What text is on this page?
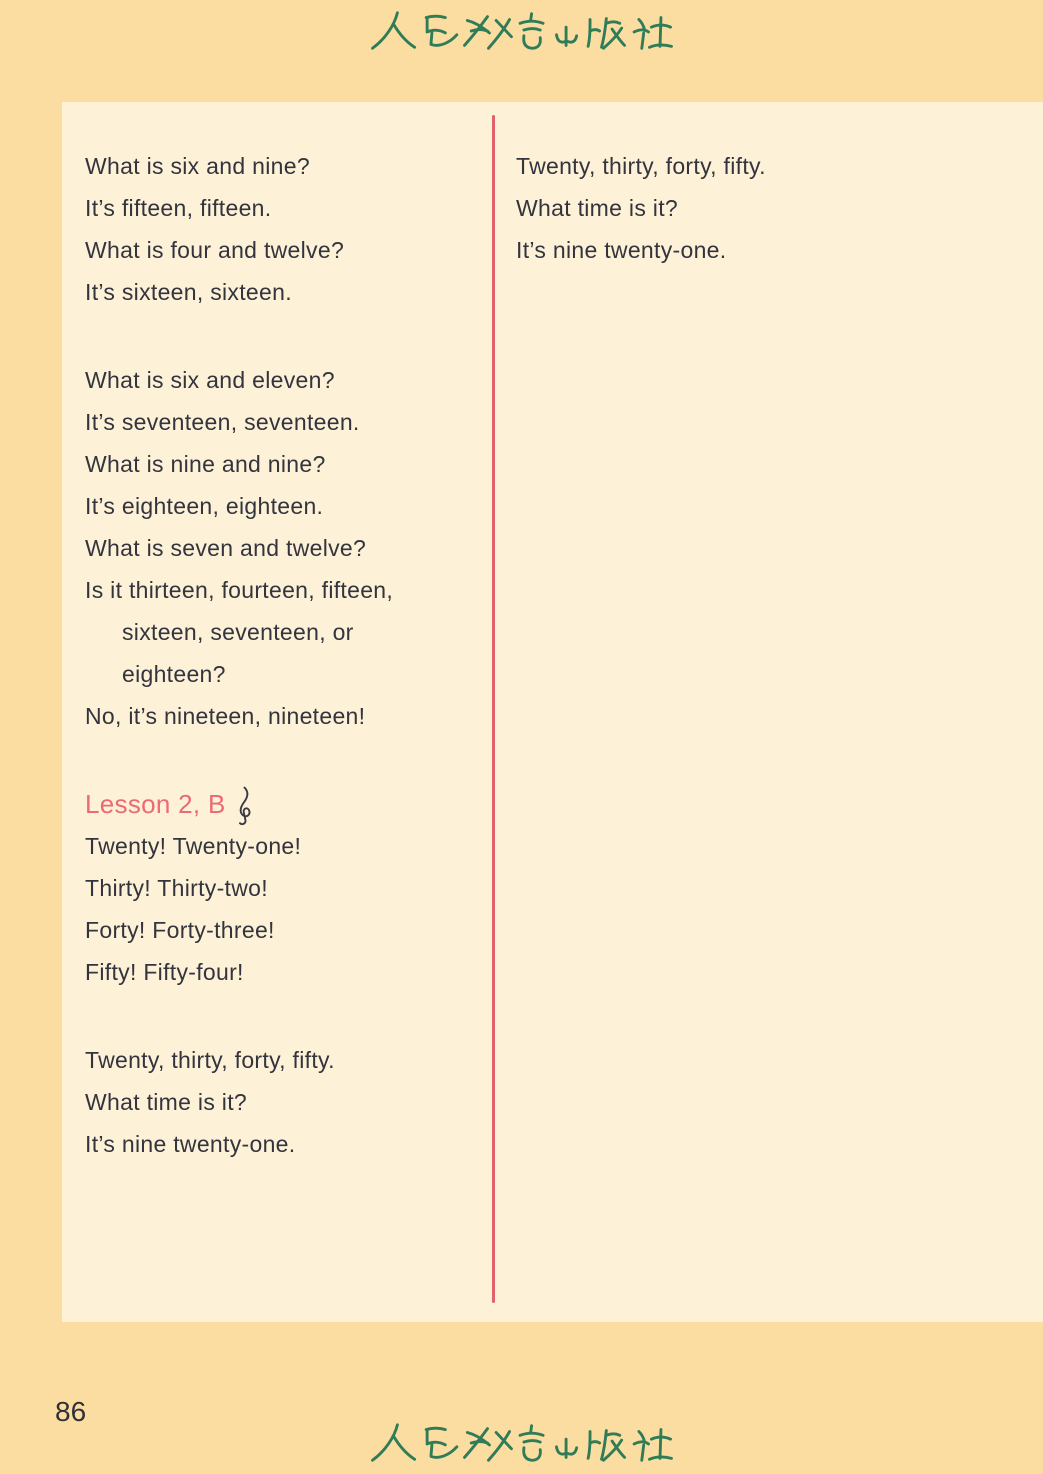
What is six and nine?

It’s fifteen, fifteen.

What is four and twelve?

It’s sixteen, sixteen.

What is six and eleven?

It’s seventeen, seventeen.

What is nine and nine?

It’s eighteen, eighteen.

What is seven and twelve?

Is it thirteen, fourteen, fifteen,

sixteen, seventeen, or

eighteen?

No, it’s nineteen, nineteen!

Lesson 2, B

Twenty! Twenty-one!

Thirty! Thirty-two!

Forty! Forty-three!

Fifty! Fifty-four!

Twenty, thirty, forty, fifty.

What time is it?

It’s nine twenty-one.

Twenty, thirty, forty, fifty.

What time is it?

It’s nine twenty-one.

86
